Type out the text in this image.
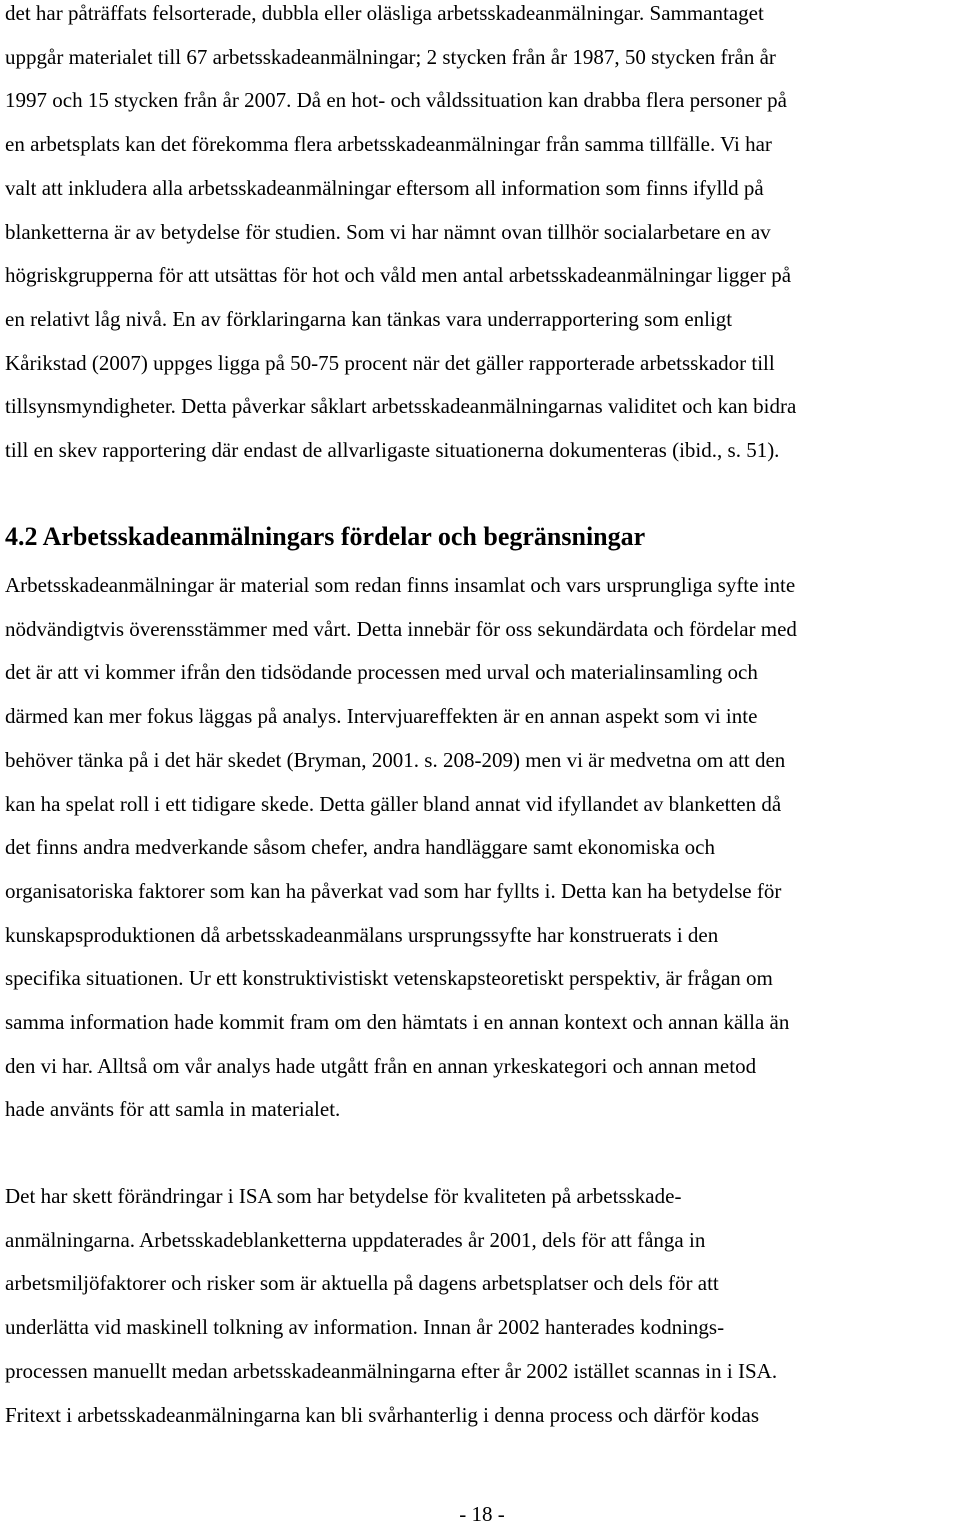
det har påträffats felsorterade, dubbla eller oläsliga arbetsskadeanmälningar. Sammantaget
uppgår materialet till 67 arbetsskadeanmälningar; 2 stycken från år 1987, 50 stycken från år
1997 och 15 stycken från år 2007. Då en hot- och våldssituation kan drabba flera personer på
en arbetsplats kan det förekomma flera arbetsskadeanmälningar från samma tillfälle. Vi har
valt att inkludera alla arbetsskadeanmälningar eftersom all information som finns ifylld på
blanketterna är av betydelse för studien. Som vi har nämnt ovan tillhör socialarbetare en av
högriskgrupperna för att utsättas för hot och våld men antal arbetsskadeanmälningar ligger på
en relativt låg nivå. En av förklaringarna kan tänkas vara underrapportering som enligt
Kårikstad (2007) uppges ligga på 50-75 procent när det gäller rapporterade arbetsskador till
tillsynsmyndigheter. Detta påverkar såklart arbetsskadeanmälningarnas validitet och kan bidra
till en skev rapportering där endast de allvarligaste situationerna dokumenteras (ibid., s. 51).

4.2 Arbetsskadeanmälningars fördelar och begränsningar

Arbetsskadeanmälningar är material som redan finns insamlat och vars ursprungliga syfte inte
nödvändigtvis överensstämmer med vårt. Detta innebär för oss sekundärdata och fördelar med
det är att vi kommer ifrån den tidsödande processen med urval och materialinsamling och
därmed kan mer fokus läggas på analys. Intervjuareffekten är en annan aspekt som vi inte
behöver tänka på i det här skedet (Bryman, 2001. s. 208-209) men vi är medvetna om att den
kan ha spelat roll i ett tidigare skede. Detta gäller bland annat vid ifyllandet av blanketten då
det finns andra medverkande såsom chefer, andra handläggare samt ekonomiska och
organisatoriska faktorer som kan ha påverkat vad som har fyllts i. Detta kan ha betydelse för
kunskapsproduktionen då arbetsskadeanmälans ursprungssyfte har konstruerats i den
specifika situationen. Ur ett konstruktivistiskt vetenskapsteoretiskt perspektiv, är frågan om
samma information hade kommit fram om den hämtats i en annan kontext och annan källa än
den vi har. Alltså om vår analys hade utgått från en annan yrkeskategori och annan metod
hade använts för att samla in materialet.

Det har skett förändringar i ISA som har betydelse för kvaliteten på arbetsskade-
anmälningarna. Arbetsskadeblanketterna uppdaterades år 2001, dels för att fånga in
arbetsmiljöfaktorer och risker som är aktuella på dagens arbetsplatser och dels för att
underlätta vid maskinell tolkning av information. Innan år 2002 hanterades kodnings-
processen manuellt medan arbetsskadeanmälningarna efter år 2002 istället scannas in i ISA.
Fritext i arbetsskadeanmälningarna kan bli svårhanterlig i denna process och därför kodas

- 18 -
